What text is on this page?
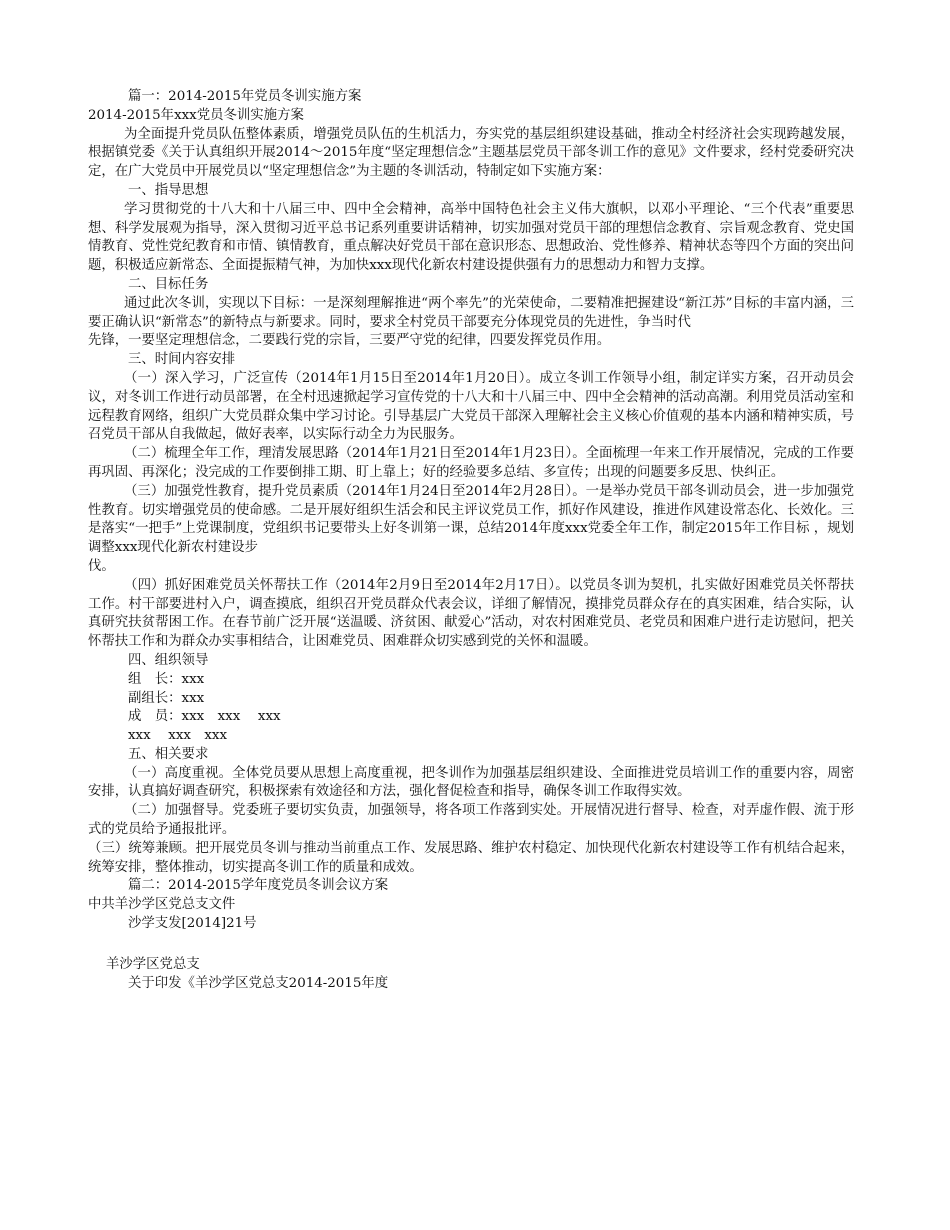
篇一：2014-2015年党员冬训实施方案

2014-2015年xxx党员冬训实施方案

为全面提升党员队伍整体素质，增强党员队伍的生机活力，夯实党的基层组织建设基础，推动全村经济社会实现跨越发展，根据镇党委《关于认真组织开展2014～2015年度“坚定理想信念”主题基层党员干部冬训工作的意见》文件要求，经村党委研究决定，在广大党员中开展党员以“坚定理想信念”为主题的冬训活动，特制定如下实施方案：

一、指导思想

学习贯彻党的十八大和十八届三中、四中全会精神，高举中国特色社会主义伟大旗帜，以邓小平理论、“三个代表”重要思想、科学发展观为指导，深入贯彻习近平总书记系列重要讲话精神，切实加强对党员干部的理想信念教育、宗旨观念教育、党史国情教育、党性党纪教育和市情、镇情教育，重点解决好党员干部在意识形态、思想政治、党性修养、精神状态等四个方面的突出问题，积极适应新常态、全面提振精气神，为加快xxx现代化新农村建设提供强有力的思想动力和智力支撑。

二、目标任务

通过此次冬训，实现以下目标：一是深刻理解推进“两个率先”的光荣使命，二要精准把握建设“新江苏”目标的丰富内涵，三要正确认识“新常态”的新特点与新要求。同时，要求全村党员干部要充分体现党员的先进性，争当时代

先锋，一要坚定理想信念，二要践行党的宗旨，三要严守党的纪律，四要发挥党员作用。

三、时间内容安排

（一）深入学习，广泛宣传（2014年1月15日至2014年1月20日）。成立冬训工作领导小组，制定详实方案，召开动员会议，对冬训工作进行动员部署，在全村迅速掀起学习宣传党的十八大和十八届三中、四中全会精神的活动高潮。利用党员活动室和远程教育网络，组织广大党员群众集中学习讨论。引导基层广大党员干部深入理解社会主义核心价值观的基本内涵和精神实质，号召党员干部从自我做起，做好表率，以实际行动全力为民服务。

（二）梳理全年工作，理清发展思路（2014年1月21日至2014年1月23日）。全面梳理一年来工作开展情况，完成的工作要再巩固、再深化；没完成的工作要倒排工期、盯上靠上；好的经验要多总结、多宣传；出现的问题要多反思、快纠正。

（三）加强党性教育，提升党员素质（2014年1月24日至2014年2月28日）。一是举办党员干部冬训动员会，进一步加强党性教育。切实增强党员的使命感。二是开展好组织生活会和民主评议党员工作，抓好作风建设，推进作风建设常态化、长效化。三是落实“一把手”上党课制度，党组织书记要带头上好冬训第一课，总结2014年度xxx党委全年工作，制定2015年工作目标 ，规划调整xxx现代化新农村建设步

伐。

（四）抓好困难党员关怀帮扶工作（2014年2月9日至2014年2月17日）。以党员冬训为契机，扎实做好困难党员关怀帮扶工作。村干部要进村入户，调查摸底，组织召开党员群众代表会议，详细了解情况，摸排党员群众存在的真实困难，结合实际，认真研究扶贫帮困工作。在春节前广泛开展“送温暖、济贫困、献爱心”活动，对农村困难党员、老党员和困难户进行走访慰问，把关怀帮扶工作和为群众办实事相结合，让困难党员、困难群众切实感到党的关怀和温暖。

四、组织领导

组　长：xxx

副组长：xxx

成　员：xxx　xxx　 xxx

xxx　 xxx　xxx

五、相关要求

（一）高度重视。全体党员要从思想上高度重视，把冬训作为加强基层组织建设、全面推进党员培训工作的重要内容，周密安排，认真搞好调查研究，积极探索有效途径和方法，强化督促检查和指导，确保冬训工作取得实效。

（二）加强督导。党委班子要切实负责，加强领导，将各项工作落到实处。开展情况进行督导、检查，对弄虚作假、流于形式的党员给予通报批评。

（三）统筹兼顾。把开展党员冬训与推动当前重点工作、发展思路、维护农村稳定、加快现代化新农村建设等工作有机结合起来，统筹安排，整体推动，切实提高冬训工作的质量和成效。

篇二：2014-2015学年度党员冬训会议方案

中共羊沙学区党总支文件

沙学支发[2014]21号

羊沙学区党总支

关于印发《羊沙学区党总支2014-2015年度
